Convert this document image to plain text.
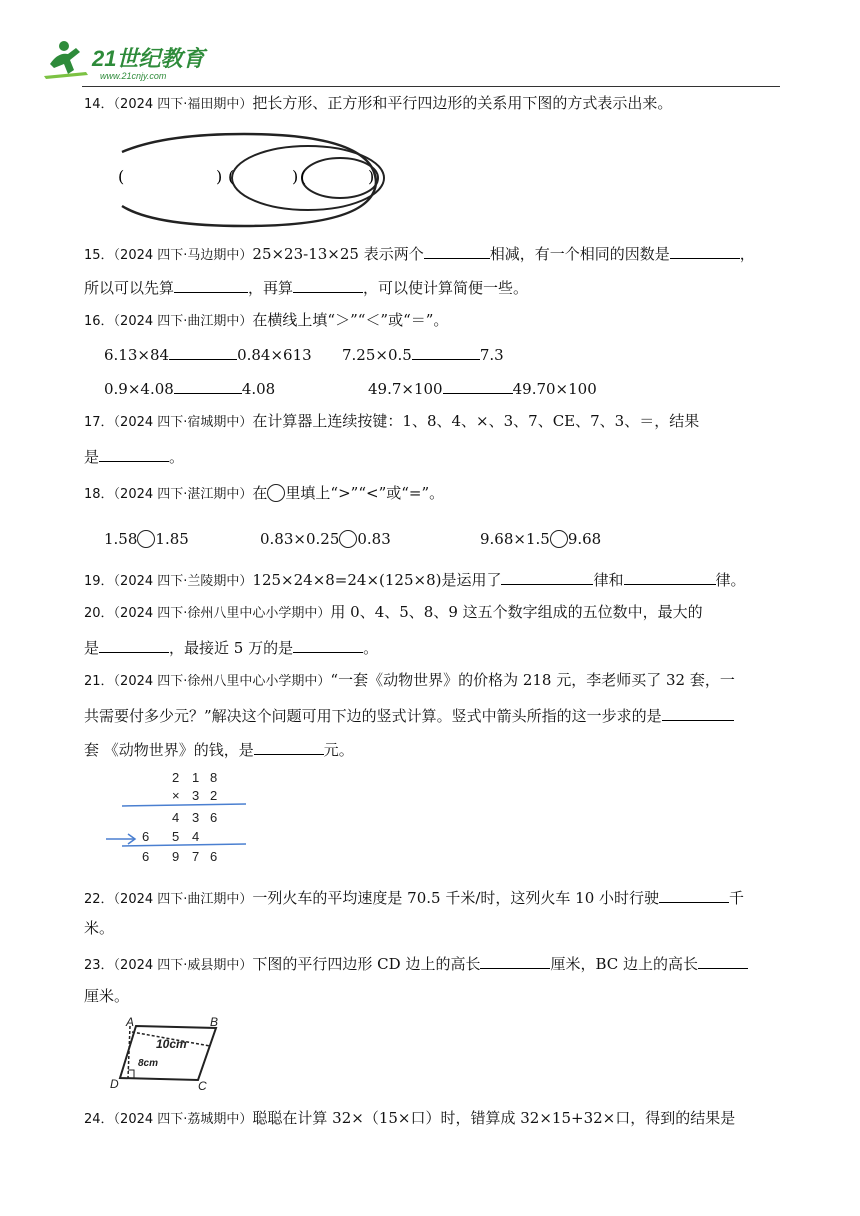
21世纪教育
www.21cnjy.com
14．（2024 四下·福田期中）把长方形、正方形和平行四边形的关系用下图的方式表示出来。
(	) (	) (	)
15．（2024 四下·马边期中）25×23-13×25 表示两个	相减，有一个相同的因数是	，
所以可以先算	，再算	，可以使计算简便一些。
16．（2024 四下·曲江期中）在横线上填“＞”“＜”或“＝”。
6.13×84	0.84×613 7.25×0.5	7.3
0.9×4.08	4.08	49.7×100	49.70×100
17．（2024 四下·宿城期中）在计算器上连续按键：1、8、4、×、3、7、CE、7、3、＝，结果
是	。
18．（2024 四下·湛江期中）在 里填上“>”“<”或“=”。
1.58 1.85	0.83×0.25 0.83	9.68×1.5 9.68
19．（2024 四下·兰陵期中）125×24×8=24×(125×8)是运用了	律和	律。
20．（2024 四下·徐州八里中心小学期中）用 0、4、5、8、9 这五个数字组成的五位数中，最大的
是	，最接近 5 万的是	。
21．（2024 四下·徐州八里中心小学期中）“一套《动物世界》的价格为 218 元，李老师买了 32 套，一
共需要付多少元？”解决这个问题可用下边的竖式计算。竖式中箭头所指的这一步求的是
套 《动物世界》的钱，是	元。
2 1 8
× 3 2
4 3 6
6 5 4
6 9 7 6
22．（2024 四下·曲江期中）一列火车的平均速度是 70.5 千米/时，这列火车 10 小时行驶	千
米。
23．（2024 四下·威县期中）下图的平行四边形 CD 边上的高长	厘米，BC 边上的高长
厘米。
A	B
C
D
10cm
8cm
24．（2024 四下·荔城期中）聪聪在计算 32×（15×口）时，错算成 32×15+32×口，得到的结果是
